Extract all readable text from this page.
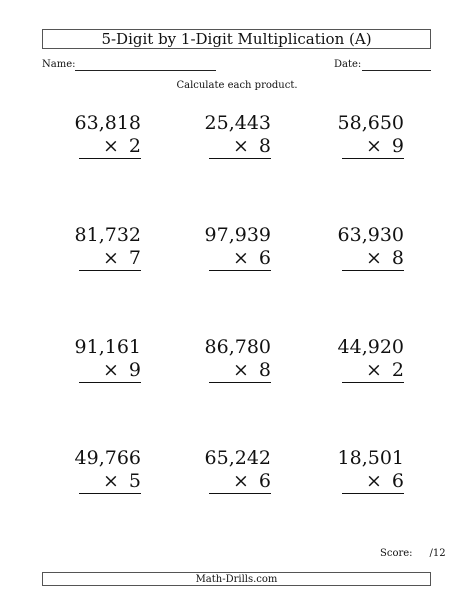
5-Digit by 1-Digit Multiplication (A)
Name:	Date:
Calculate each product.
63,818
× 2
25,443
× 8
58,650
× 9
81,732
× 7
97,939
× 6
63,930
× 8
91,161
× 9
86,780
× 8
44,920
× 2
49,766
× 5
65,242
× 6
18,501
× 6
Score: /12
Math-Drills.com
